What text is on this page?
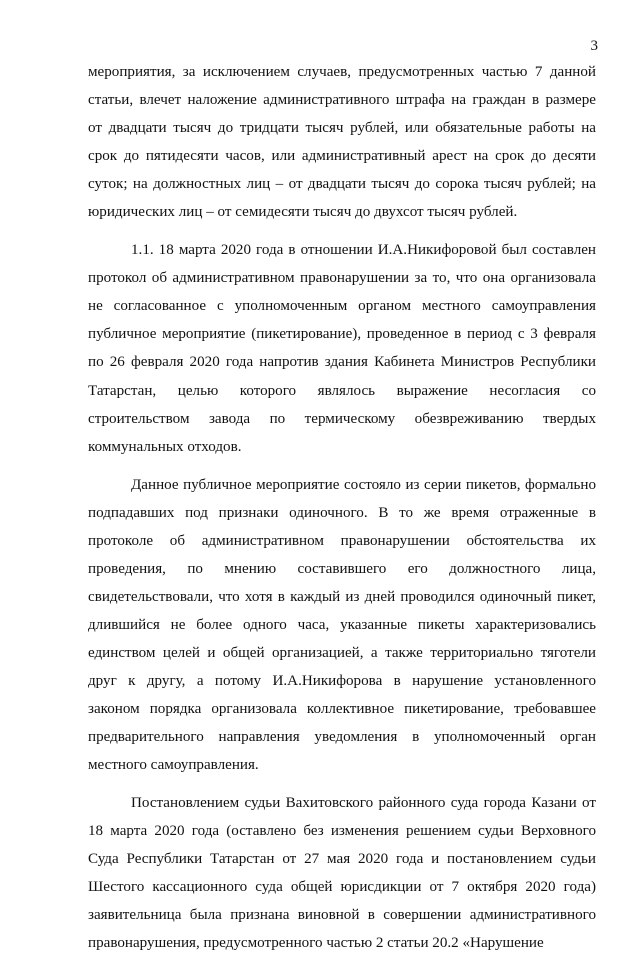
3
мероприятия, за исключением случаев, предусмотренных частью 7 данной
статьи, влечет наложение административного штрафа на граждан в размере
от двадцати тысяч до тридцати тысяч рублей, или обязательные работы на
срок до пятидесяти часов, или административный арест на срок до десяти
суток; на должностных лиц – от двадцати тысяч до сорока тысяч рублей; на
юридических лиц – от семидесяти тысяч до двухсот тысяч рублей.
1.1. 18 марта 2020 года в отношении И.А.Никифоровой был составлен
протокол об административном правонарушении за то, что она организовала
не согласованное с уполномоченным органом местного самоуправления
публичное мероприятие (пикетирование), проведенное в период с 3 февраля
по 26 февраля 2020 года напротив здания Кабинета Министров Республики
Татарстан, целью которого являлось выражение несогласия со
строительством завода по термическому обезвреживанию твердых
коммунальных отходов.
Данное публичное мероприятие состояло из серии пикетов, формально
подпадавших под признаки одиночного. В то же время отраженные в
протоколе об административном правонарушении обстоятельства их
проведения, по мнению составившего его должностного лица,
свидетельствовали, что хотя в каждый из дней проводился одиночный пикет,
длившийся не более одного часа, указанные пикеты характеризовались
единством целей и общей организацией, а также территориально тяготели
друг к другу, а потому И.А.Никифорова в нарушение установленного
законом порядка организовала коллективное пикетирование, требовавшее
предварительного направления уведомления в уполномоченный орган
местного самоуправления.
Постановлением судьи Вахитовского районного суда города Казани от
18 марта 2020 года (оставлено без изменения решением судьи Верховного
Суда Республики Татарстан от 27 мая 2020 года и постановлением судьи
Шестого кассационного суда общей юрисдикции от 7 октября 2020 года)
заявительница была признана виновной в совершении административного
правонарушения, предусмотренного частью 2 статьи 20.2 «Нарушение
